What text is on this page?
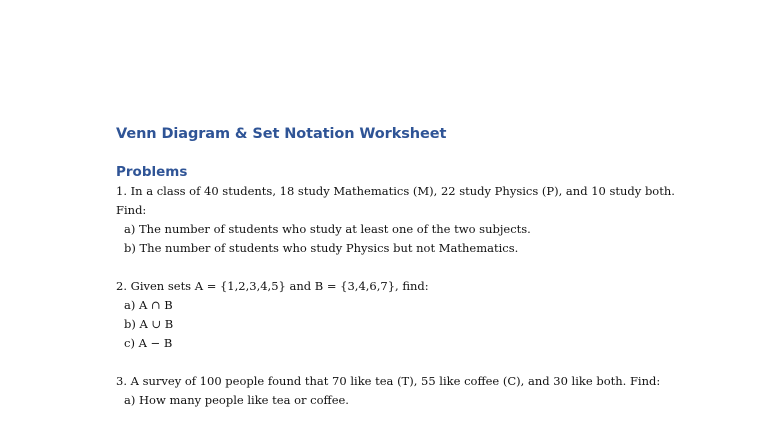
Venn Diagram & Set Notation Worksheet
Problems

1. In a class of 40 students, 18 study Mathematics (M), 22 study Physics (P), and 10 study both. Find:

a) The number of students who study at least one of the two subjects.

b) The number of students who study Physics but not Mathematics.

2. Given sets A = {1,2,3,4,5} and B = {3,4,6,7}, find:

a) A ∩ B

b) A ∪ B

c) A − B

3. A survey of 100 people found that 70 like tea (T), 55 like coffee (C), and 30 like both. Find:

a) How many people like tea or coffee.
